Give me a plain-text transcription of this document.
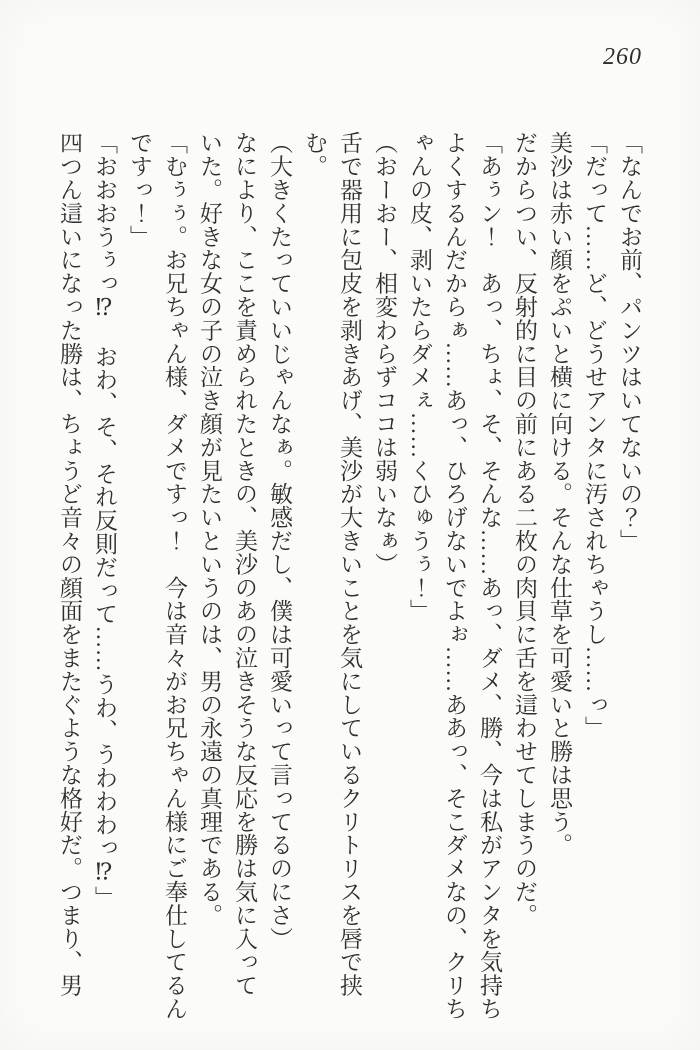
260

「なんでお前、パンツはいてないの？」

「だって……ど、どうせアンタに汚されちゃうし……っ」

美沙は赤い顔をぷいと横に向ける。そんな仕草を可愛いと勝は思う。

だからつい、反射的に目の前にある二枚の肉貝に舌を這わせてしまうのだ。

「あぅン！　あっ、ちょ、そ、そんな……あっ、ダメ、勝、今は私がアンタを気持ち

よくするんだからぁ……あっ、ひろげないでよぉ……ああっ、そこダメなの、クリち

ゃんの皮、剥いたらダメぇ……くひゅうぅ！」

（おーおー、相変わらずココは弱いなぁ）

舌で器用に包皮を剥きあげ、美沙が大きいことを気にしているクリトリスを唇で挟

む。

（大きくたっていいじゃんなぁ。敏感だし、僕は可愛いって言ってるのにさ）

なにより、ここを責められたときの、美沙のあの泣きそうな反応を勝は気に入って

いた。好きな女の子の泣き顔が見たいというのは、男の永遠の真理である。

「むぅぅ。お兄ちゃん様、ダメですっ！　今は音々がお兄ちゃん様にご奉仕してるん

ですっ！」

「おおおうぅっ⁉　おわ、そ、それ反則だって……うわ、うわわわっ⁉」

四つん這いになった勝は、ちょうど音々の顔面をまたぐような格好だ。つまり、男
